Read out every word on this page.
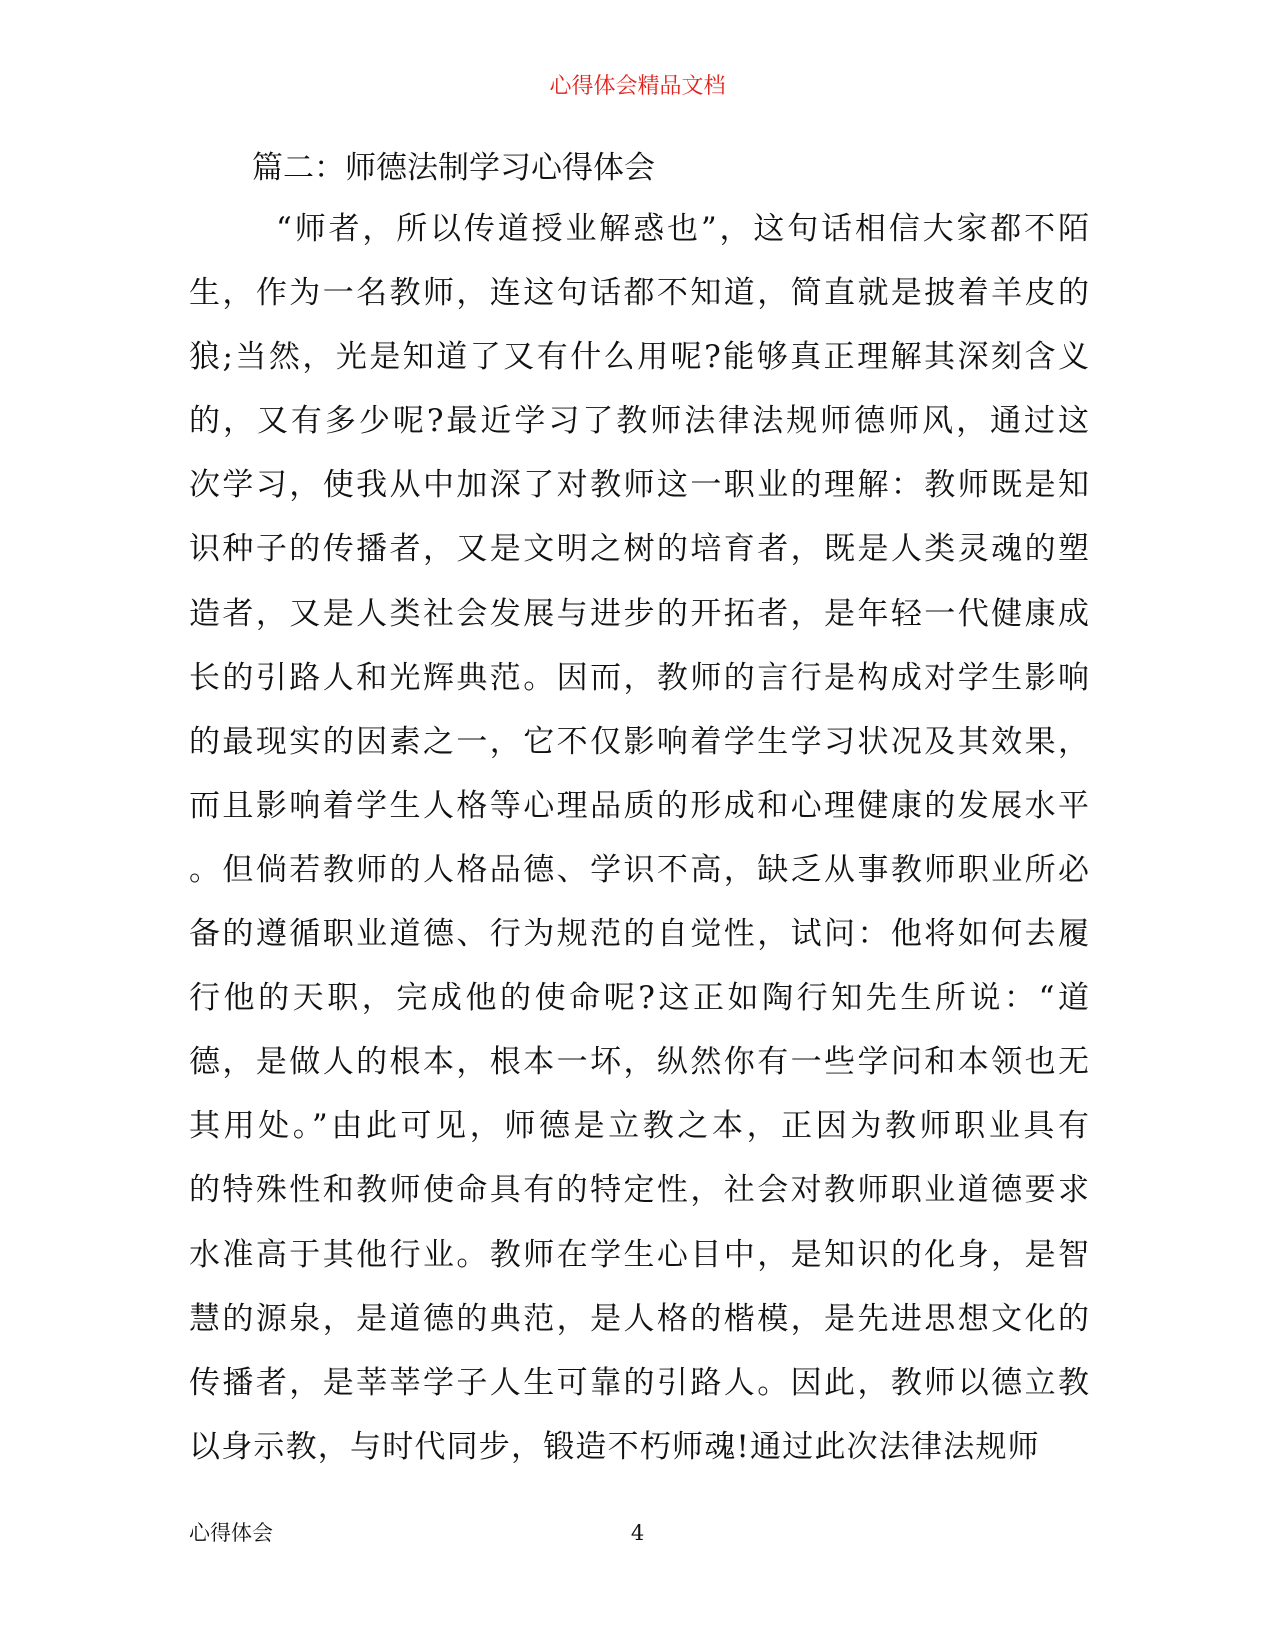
心得体会精品文档
篇二：师德法制学习心得体会
“师者，所以传道授业解惑也”，这句话相信大家都不陌
生，作为一名教师，连这句话都不知道，简直就是披着羊皮的
狼;当然，光是知道了又有什么用呢?能够真正理解其深刻含义
的，又有多少呢?最近学习了教师法律法规师德师风，通过这
次学习，使我从中加深了对教师这一职业的理解：教师既是知
识种子的传播者，又是文明之树的培育者，既是人类灵魂的塑
造者，又是人类社会发展与进步的开拓者，是年轻一代健康成
长的引路人和光辉典范。因而，教师的言行是构成对学生影响
的最现实的因素之一，它不仅影响着学生学习状况及其效果，
而且影响着学生人格等心理品质的形成和心理健康的发展水平
。但倘若教师的人格品德、学识不高，缺乏从事教师职业所必
备的遵循职业道德、行为规范的自觉性，试问：他将如何去履
行他的天职，完成他的使命呢?这正如陶行知先生所说：“道
德，是做人的根本，根本一坏，纵然你有一些学问和本领也无
其用处。”由此可见，师德是立教之本，正因为教师职业具有
的特殊性和教师使命具有的特定性，社会对教师职业道德要求
水准高于其他行业。教师在学生心目中，是知识的化身，是智
慧的源泉，是道德的典范，是人格的楷模，是先进思想文化的
传播者，是莘莘学子人生可靠的引路人。因此，教师以德立教
以身示教，与时代同步，锻造不朽师魂!通过此次法律法规师
心得体会	4
